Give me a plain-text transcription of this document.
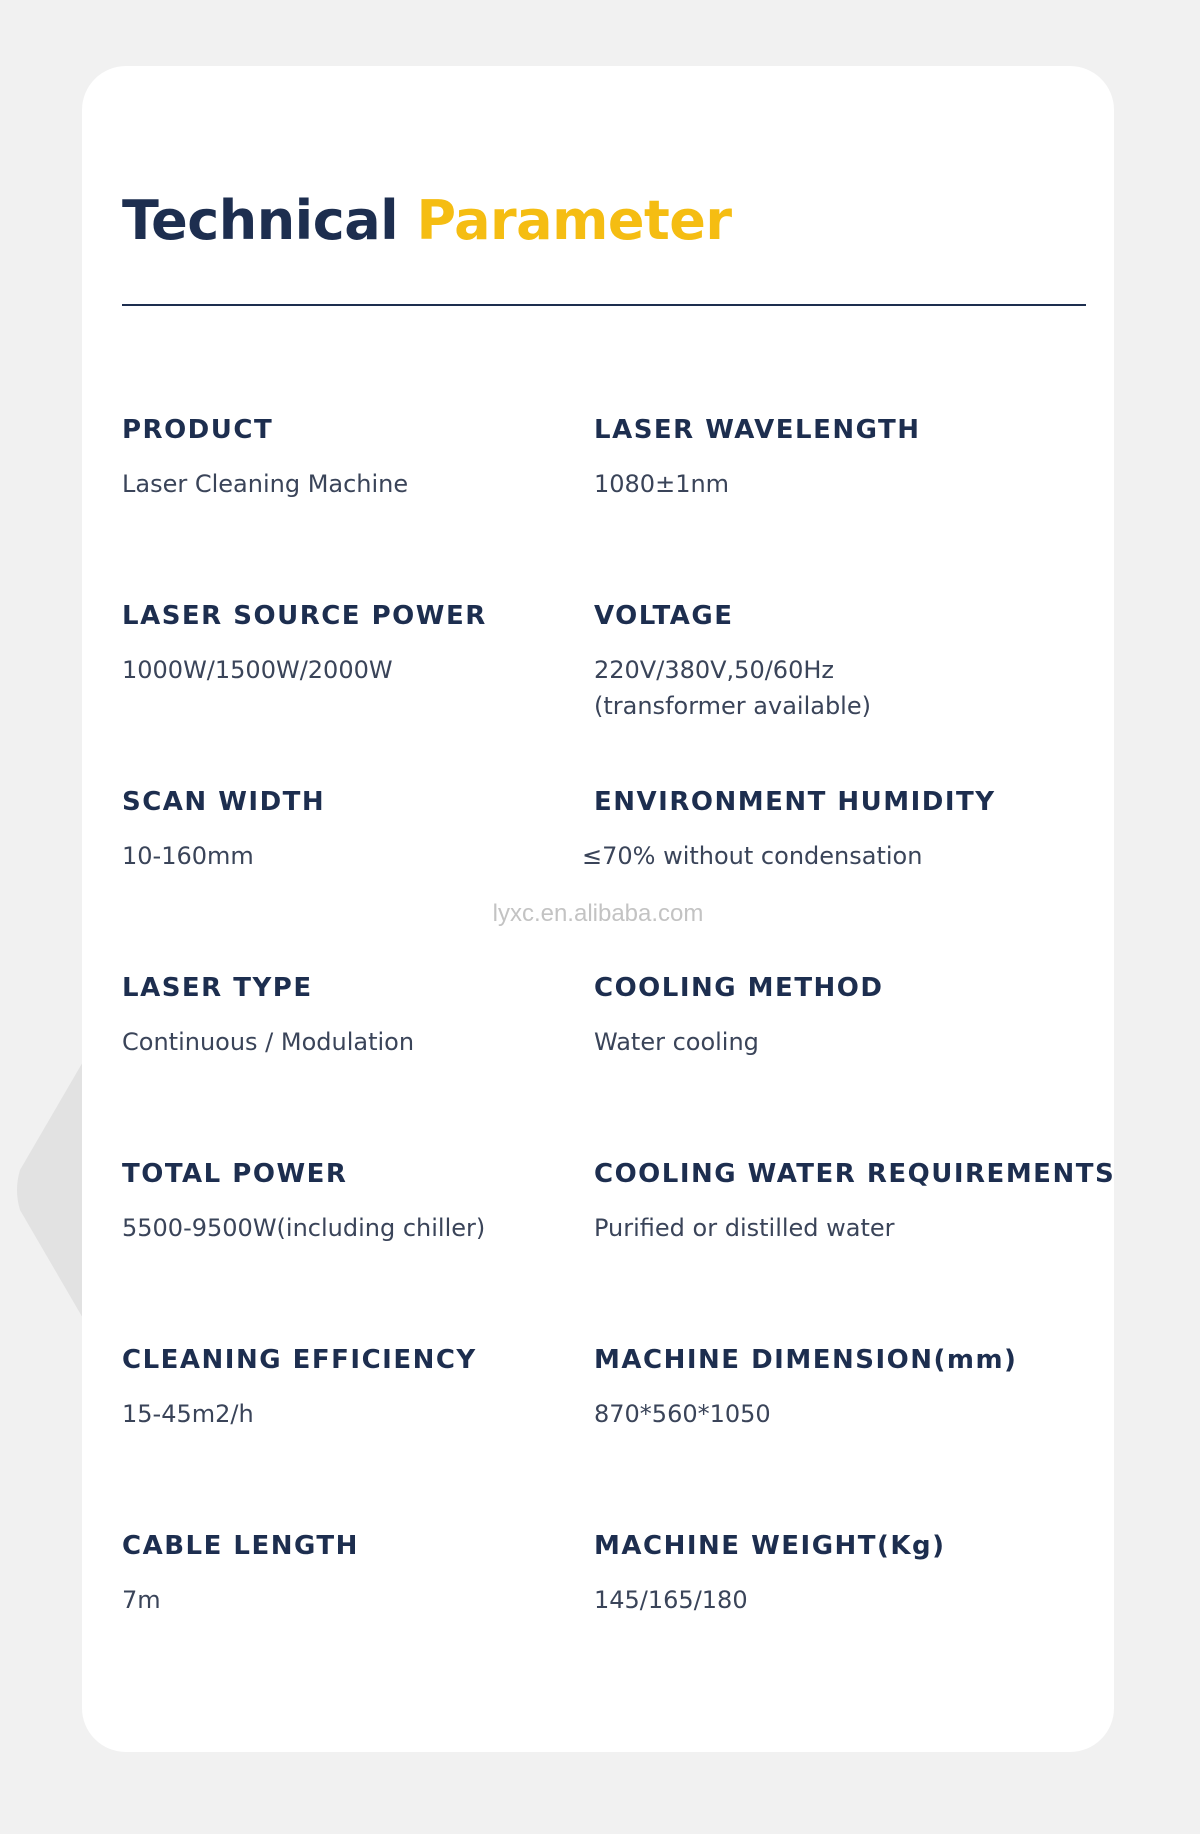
Technical Parameter
PRODUCT
Laser Cleaning Machine
LASER WAVELENGTH
1080±1nm
LASER SOURCE POWER
1000W/1500W/2000W
VOLTAGE
220V/380V,50/60Hz
(transformer available)
SCAN WIDTH
10-160mm
ENVIRONMENT HUMIDITY
≤70% without condensation
lyxc.en.alibaba.com
LASER TYPE
Continuous / Modulation
COOLING METHOD
Water cooling
TOTAL POWER
5500-9500W(including chiller)
COOLING WATER REQUIREMENTS
Purified or distilled water
CLEANING EFFICIENCY
15-45m2/h
MACHINE DIMENSION(mm)
870*560*1050
CABLE LENGTH
7m
MACHINE WEIGHT(Kg)
145/165/180
